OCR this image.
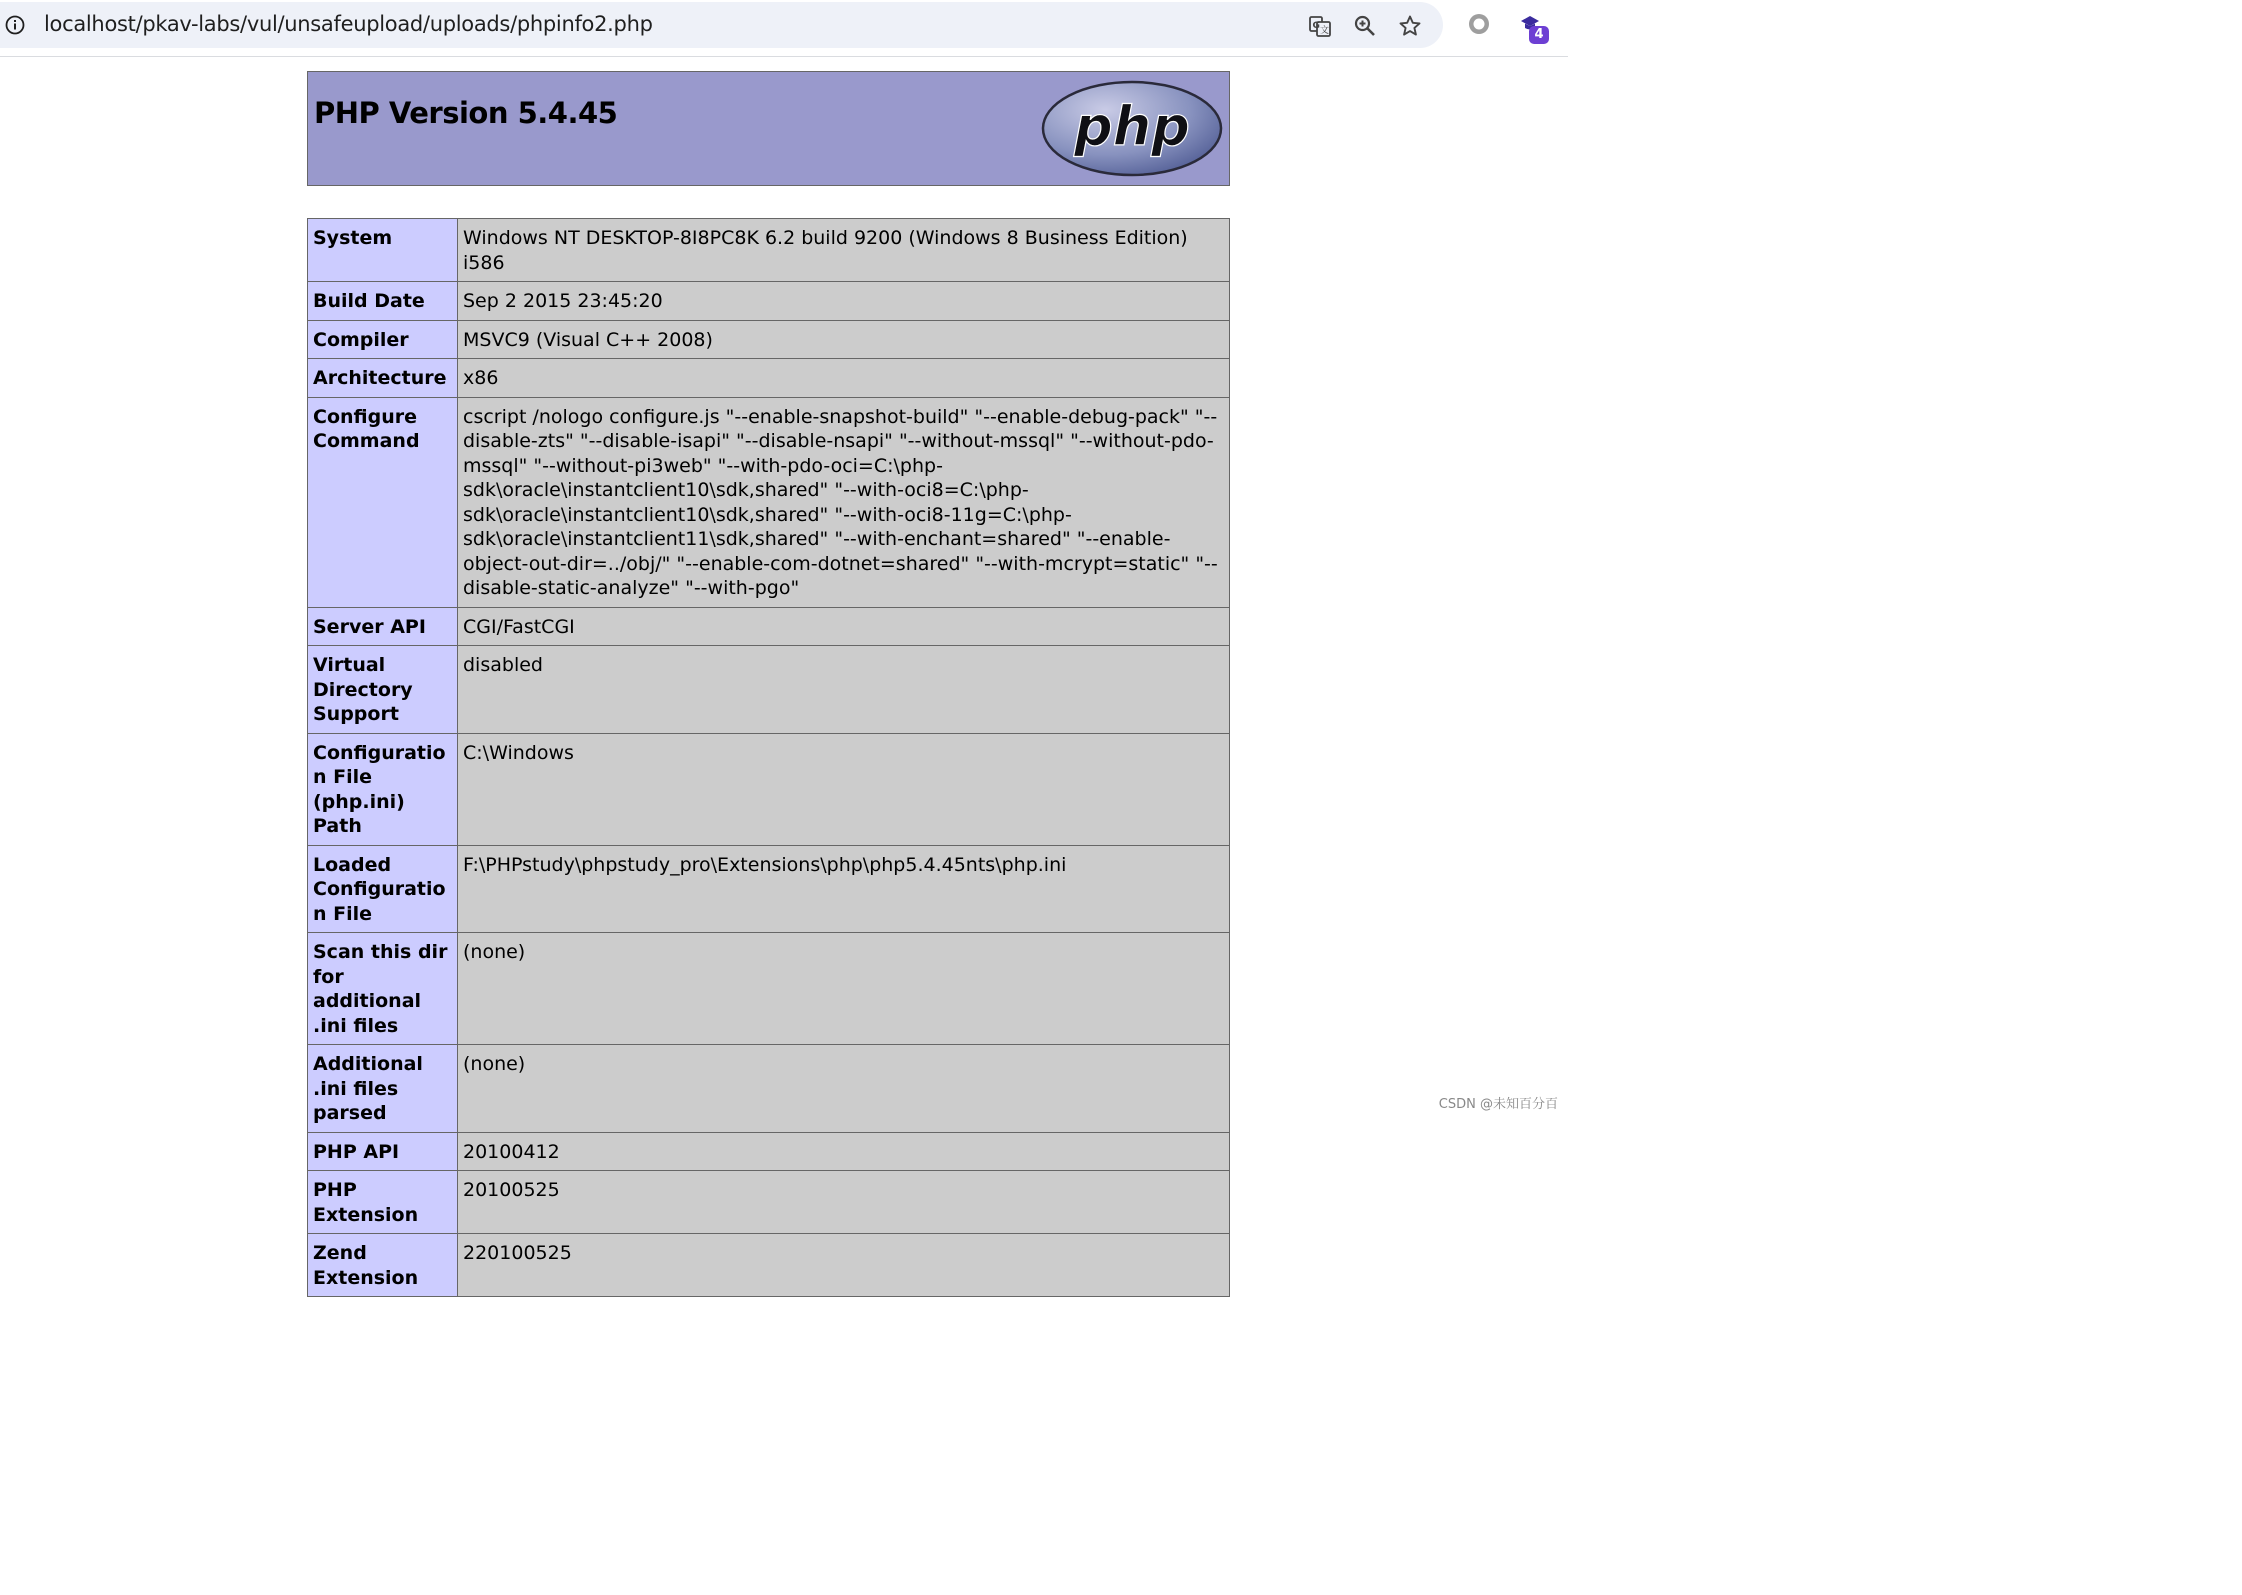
localhost/pkav-labs/vul/unsafeupload/uploads/phpinfo2.php	G 文	4
PHP Version 5.4.45	php
System	Windows NT DESKTOP-8I8PC8K 6.2 build 9200 (Windows 8 Business Edition) i586
Build Date	Sep 2 2015 23:45:20
Compiler	MSVC9 (Visual C++ 2008)
Architecture	x86
Configure Command	cscript /nologo configure.js "--enable-snapshot-build" "--enable-debug-pack" "--disable-zts" "--disable-isapi" "--disable-nsapi" "--without-mssql" "--without-pdo-mssql" "--without-pi3web" "--with-pdo-oci=C:\php-sdk\oracle\instantclient10\sdk,shared" "--with-oci8=C:\php-sdk\oracle\instantclient10\sdk,shared" "--with-oci8-11g=C:\php-sdk\oracle\instantclient11\sdk,shared" "--with-enchant=shared" "--enable-object-out-dir=../obj/" "--enable-com-dotnet=shared" "--with-mcrypt=static" "--disable-static-analyze" "--with-pgo"
Server API	CGI/FastCGI
Virtual Directory Support	disabled
Configuration File (php.ini) Path	C:\Windows
Loaded Configuration File	F:\PHPstudy\phpstudy_pro\Extensions\php\php5.4.45nts\php.ini
Scan this dir for additional .ini files	(none)
Additional .ini files parsed	(none)
PHP API	20100412
PHP Extension	20100525
Zend Extension	220100525
CSDN @未知百分百
